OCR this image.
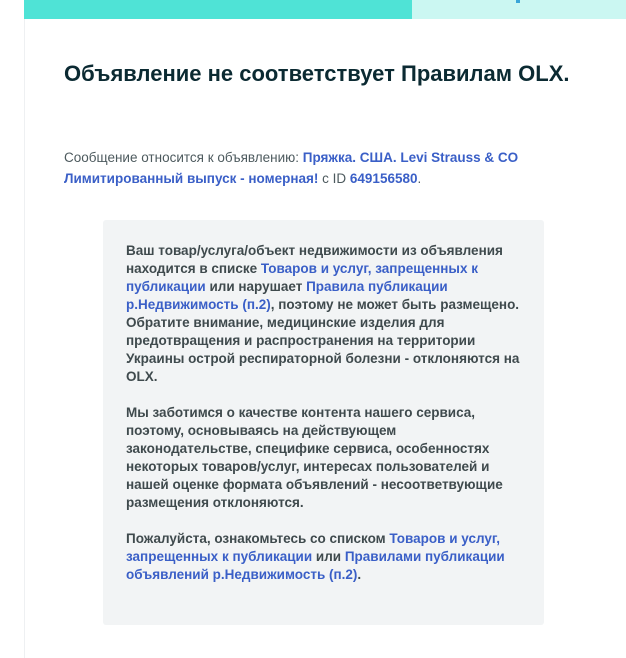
Объявление не соответствует Правилам OLX.

Сообщение относится к объявлению: Пряжка. США. Levi Strauss & CO Лимитированный выпуск - номерная! c ID 649156580.

Ваш товар/услуга/объект недвижимости из объявления находится в списке Товаров и услуг, запрещенных к публикации или нарушает Правила публикации р.Недвижимость (п.2), поэтому не может быть размещено.

Обратите внимание, медицинские изделия для предотвращения и распространения на территории Украины острой респираторной болезни - отклоняются на OLX.

Мы заботимся о качестве контента нашего сервиса, поэтому, основываясь на действующем законодательстве, специфике сервиса, особенностях некоторых товаров/услуг, интересах пользователей и нашей оценке формата объявлений - несоответвующие размещения отклоняются.

Пожалуйста, ознакомьтесь со списком Товаров и услуг, запрещенных к публикации или Правилами публикации объявлений р.Недвижимость (п.2).
